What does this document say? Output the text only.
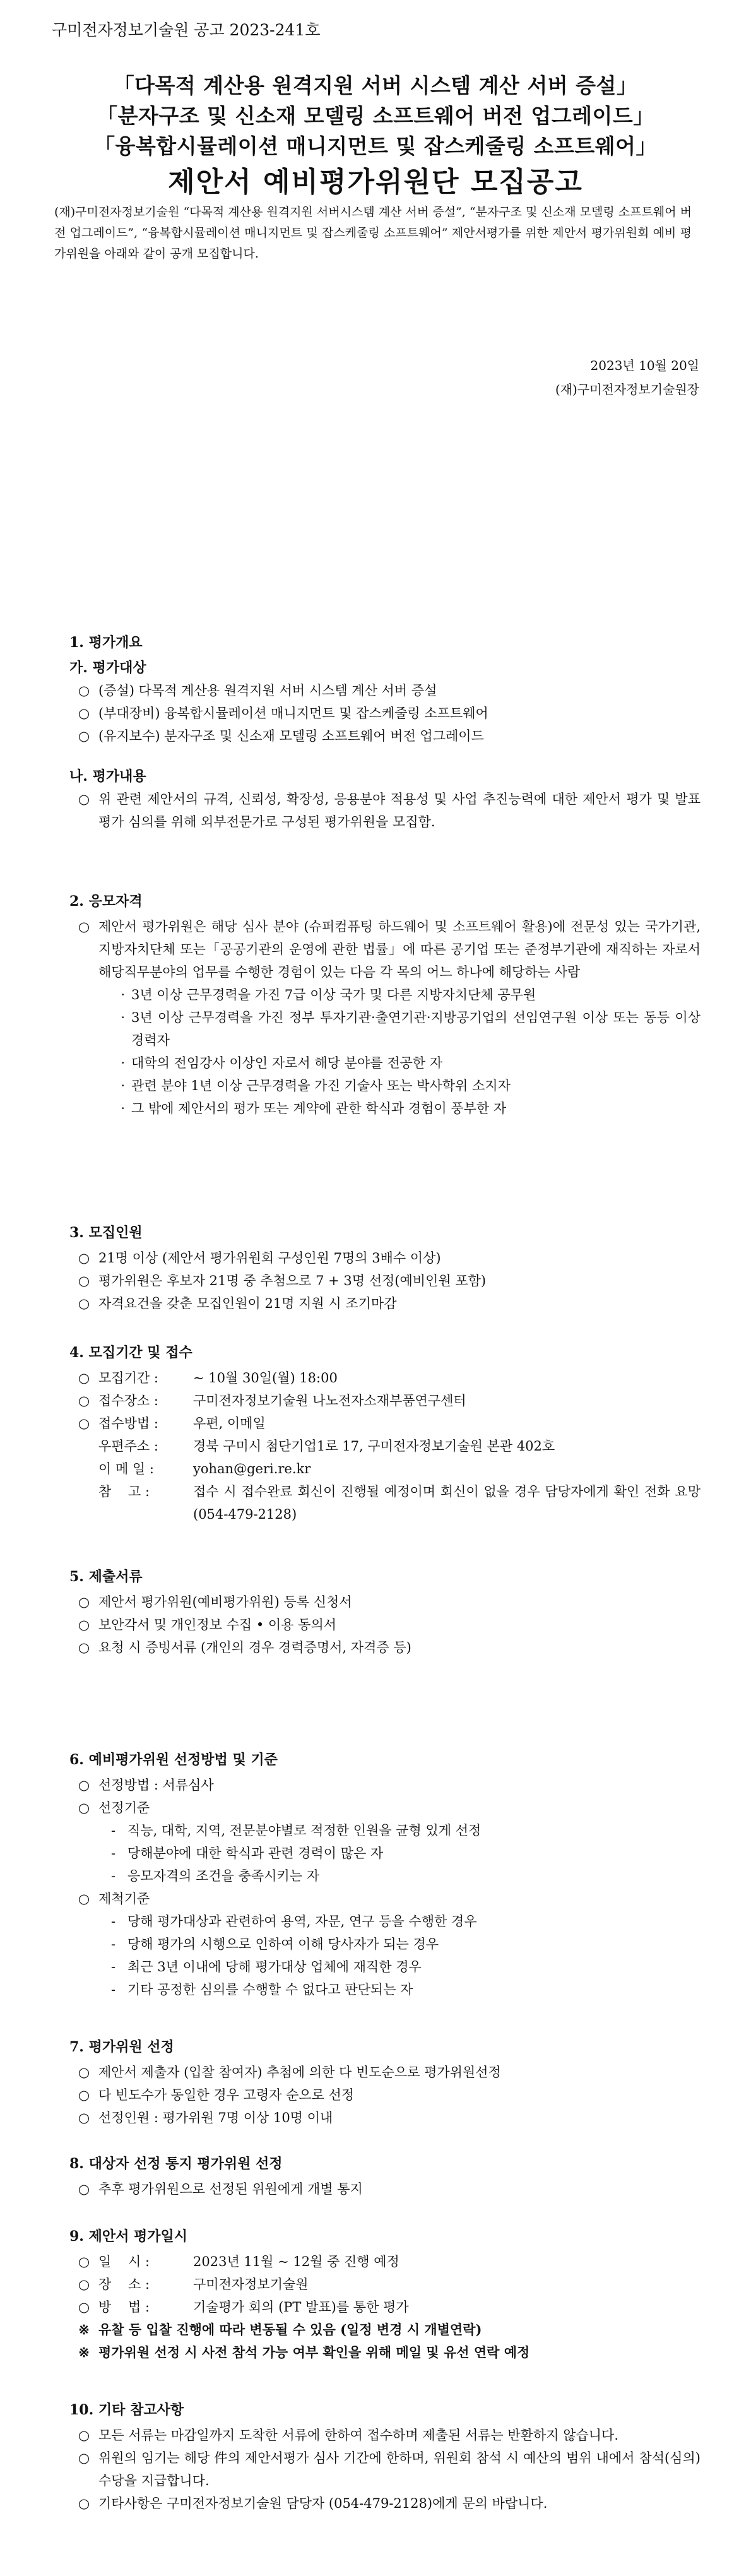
구미전자정보기술원 공고 2023-241호
「다목적 계산용 원격지원 서버 시스템 계산 서버 증설」
「분자구조 및 신소재 모델링 소프트웨어 버전 업그레이드」
「융복합시뮬레이션 매니지먼트 및 잡스케줄링 소프트웨어」
제안서 예비평가위원단 모집공고
(재)구미전자정보기술원 “다목적 계산용 원격지원 서버시스템 계산 서버 증설”, “분자구조 및 신소재 모델링 소프트웨어 버전 업그레이드”, “융복합시뮬레이션 매니지먼트 및 잡스케줄링 소프트웨어” 제안서평가를 위한 제안서 평가위원회 예비 평가위원을 아래와 같이 공개 모집합니다.
2023년 10월 20일
(재)구미전자정보기술원장
1. 평가개요
가. 평가대상
○ (증설) 다목적 계산용 원격지원 서버 시스템 계산 서버 증설
○ (부대장비) 융복합시뮬레이션 매니지먼트 및 잡스케줄링 소프트웨어
○ (유지보수) 분자구조 및 신소재 모델링 소프트웨어 버전 업그레이드
나. 평가내용
○ 위 관련 제안서의 규격, 신뢰성, 확장성, 응용분야 적용성 및 사업 추진능력에 대한 제안서 평가 및 발표 평가 심의를 위해 외부전문가로 구성된 평가위원을 모집함.
2. 응모자격
○ 제안서 평가위원은 해당 심사 분야 (슈퍼컴퓨팅 하드웨어 및 소프트웨어 활용)에 전문성 있는 국가기관, 지방자치단체 또는「공공기관의 운영에 관한 법률」에 따른 공기업 또는 준정부기관에 재직하는 자로서 해당직무분야의 업무를 수행한 경험이 있는 다음 각 목의 어느 하나에 해당하는 사람
· 3년 이상 근무경력을 가진 7급 이상 국가 및 다른 지방자치단체 공무원
· 3년 이상 근무경력을 가진 정부 투자기관·출연기관·지방공기업의 선임연구원 이상 또는 동등 이상 경력자
· 대학의 전임강사 이상인 자로서 해당 분야를 전공한 자
· 관련 분야 1년 이상 근무경력을 가진 기술사 또는 박사학위 소지자
· 그 밖에 제안서의 평가 또는 계약에 관한 학식과 경험이 풍부한 자
3. 모집인원
○ 21명 이상 (제안서 평가위원회 구성인원 7명의 3배수 이상)
○ 평가위원은 후보자 21명 중 추첨으로 7 + 3명 선정(예비인원 포함)
○ 자격요건을 갖춘 모집인원이 21명 지원 시 조기마감
4. 모집기간 및 접수
○ 모집기간 :	~ 10월 30일(월) 18:00
○ 접수장소 :	구미전자정보기술원 나노전자소재부품연구센터
○ 접수방법 :	우편, 이메일
우편주소 :	경북 구미시 첨단기업1로 17, 구미전자정보기술원 본관 402호
이 메 일 :	yohan@geri.re.kr
참    고 :	접수 시 접수완료 회신이 진행될 예정이며 회신이 없을 경우 담당자에게 확인 전화 요망 (054-479-2128)
5. 제출서류
○ 제안서 평가위원(예비평가위원) 등록 신청서
○ 보안각서 및 개인정보 수집 • 이용 동의서
○ 요청 시 증빙서류 (개인의 경우 경력증명서, 자격증 등)
6. 예비평가위원 선정방법 및 기준
○ 선정방법 : 서류심사
○ 선정기준
- 직능, 대학, 지역, 전문분야별로 적정한 인원을 균형 있게 선정
- 당해분야에 대한 학식과 관련 경력이 많은 자
- 응모자격의 조건을 충족시키는 자
○ 제척기준
- 당해 평가대상과 관련하여 용역, 자문, 연구 등을 수행한 경우
- 당해 평가의 시행으로 인하여 이해 당사자가 되는 경우
- 최근 3년 이내에 당해 평가대상 업체에 재직한 경우
- 기타 공정한 심의를 수행할 수 없다고 판단되는 자
7. 평가위원 선정
○ 제안서 제출자 (입찰 참여자) 추첨에 의한 다 빈도순으로 평가위원선정
○ 다 빈도수가 동일한 경우 고령자 순으로 선정
○ 선정인원 : 평가위원 7명 이상 10명 이내
8. 대상자 선정 통지 평가위원 선정
○ 추후 평가위원으로 선정된 위원에게 개별 통지
9. 제안서 평가일시
○ 일    시 :	2023년 11월 ~ 12월 중 진행 예정
○ 장    소 :	구미전자정보기술원
○ 방    법 :	기술평가 회의 (PT 발표)를 통한 평가
※ 유찰 등 입찰 진행에 따라 변동될 수 있음 (일정 변경 시 개별연락)
※ 평가위원 선정 시 사전 참석 가능 여부 확인을 위해 메일 및 유선 연락 예정
10. 기타 참고사항
○ 모든 서류는 마감일까지 도착한 서류에 한하여 접수하며 제출된 서류는 반환하지 않습니다.
○ 위원의 임기는 해당 件의 제안서평가 심사 기간에 한하며, 위원회 참석 시 예산의 범위 내에서 참석(심의) 수당을 지급합니다.
○ 기타사항은 구미전자정보기술원 담당자 (054-479-2128)에게 문의 바랍니다.
